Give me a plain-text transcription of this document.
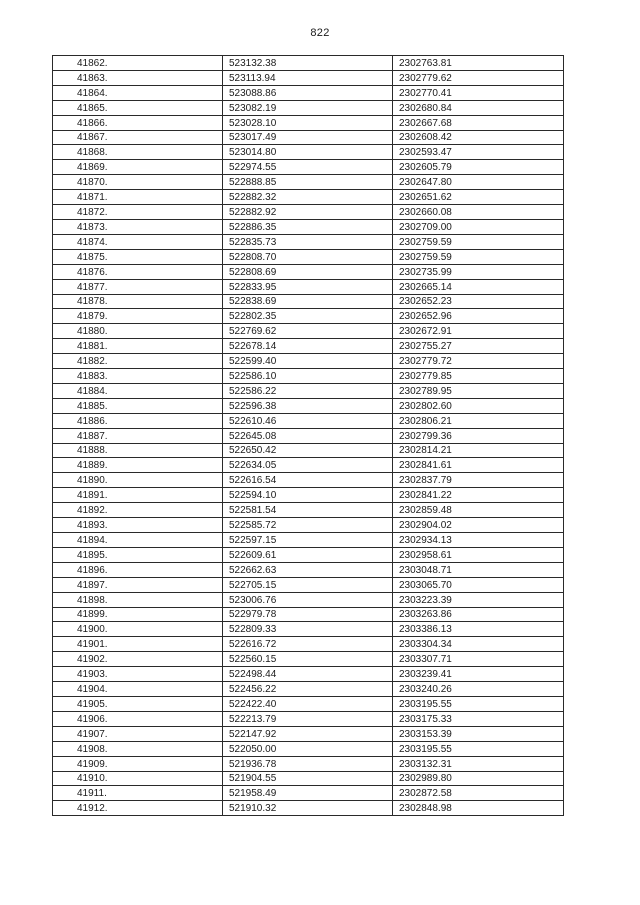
822
41862.	523132.38	2302763.81
41863.	523113.94	2302779.62
41864.	523088.86	2302770.41
41865.	523082.19	2302680.84
41866.	523028.10	2302667.68
41867.	523017.49	2302608.42
41868.	523014.80	2302593.47
41869.	522974.55	2302605.79
41870.	522888.85	2302647.80
41871.	522882.32	2302651.62
41872.	522882.92	2302660.08
41873.	522886.35	2302709.00
41874.	522835.73	2302759.59
41875.	522808.70	2302759.59
41876.	522808.69	2302735.99
41877.	522833.95	2302665.14
41878.	522838.69	2302652.23
41879.	522802.35	2302652.96
41880.	522769.62	2302672.91
41881.	522678.14	2302755.27
41882.	522599.40	2302779.72
41883.	522586.10	2302779.85
41884.	522586.22	2302789.95
41885.	522596.38	2302802.60
41886.	522610.46	2302806.21
41887.	522645.08	2302799.36
41888.	522650.42	2302814.21
41889.	522634.05	2302841.61
41890.	522616.54	2302837.79
41891.	522594.10	2302841.22
41892.	522581.54	2302859.48
41893.	522585.72	2302904.02
41894.	522597.15	2302934.13
41895.	522609.61	2302958.61
41896.	522662.63	2303048.71
41897.	522705.15	2303065.70
41898.	523006.76	2303223.39
41899.	522979.78	2303263.86
41900.	522809.33	2303386.13
41901.	522616.72	2303304.34
41902.	522560.15	2303307.71
41903.	522498.44	2303239.41
41904.	522456.22	2303240.26
41905.	522422.40	2303195.55
41906.	522213.79	2303175.33
41907.	522147.92	2303153.39
41908.	522050.00	2303195.55
41909.	521936.78	2303132.31
41910.	521904.55	2302989.80
41911.	521958.49	2302872.58
41912.	521910.32	2302848.98
